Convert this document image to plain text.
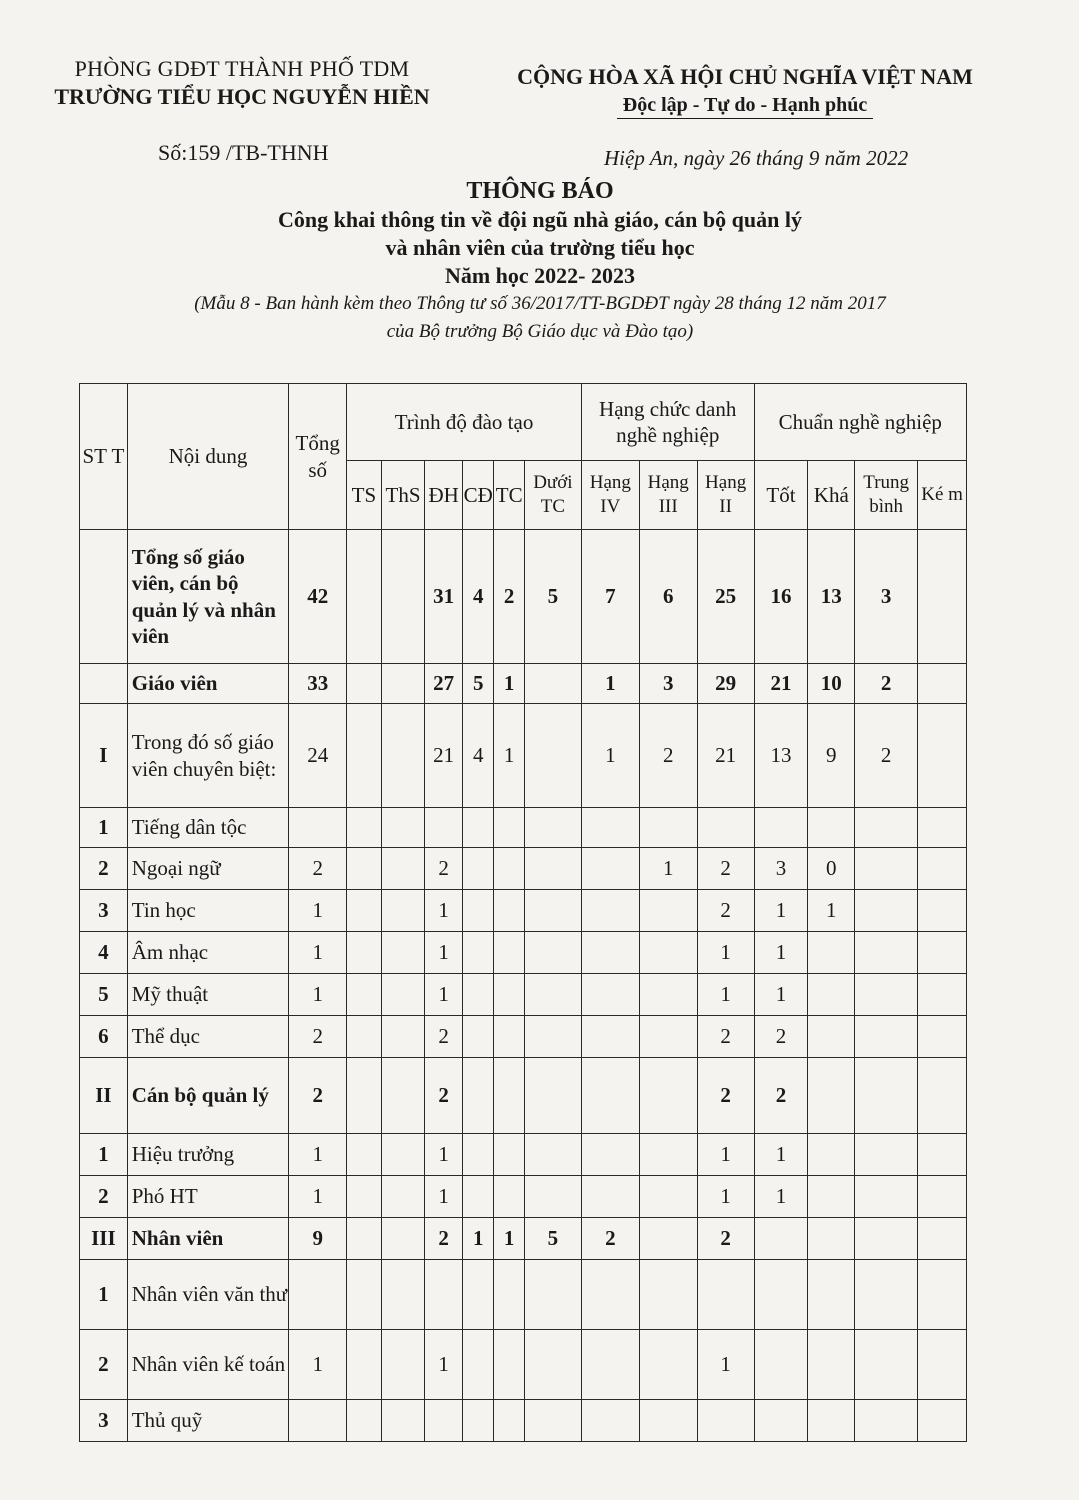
PHÒNG GDĐT THÀNH PHỐ TDM
TRƯỜNG TIỂU HỌC NGUYỄN HIỀN
CỘNG HÒA XÃ HỘI CHỦ NGHĨA VIỆT NAM
Độc lập - Tự do - Hạnh phúc
Số:159 /TB-THNH	Hiệp An, ngày 26 tháng 9 năm 2022
THÔNG BÁO
Công khai thông tin về đội ngũ nhà giáo, cán bộ quản lý
và nhân viên của trường tiểu học
Năm học 2022- 2023
(Mẫu 8 - Ban hành kèm theo Thông tư số 36/2017/TT-BGDĐT ngày 28 tháng 12 năm 2017
của Bộ trưởng Bộ Giáo dục và Đào tạo)
ST T	Nội dung	Tổng số	Trình độ đào tạo						Hạng chức danh nghề nghiệp			Chuẩn nghề nghiệp			
			TS	ThS	ĐH	CĐ	TC	Dưới TC	Hạng IV	Hạng III	Hạng II	Tốt	Khá	Trung bình	Ké m
	Tổng số giáo viên, cán bộ quản lý và nhân viên	42			31	4	2	5	7	6	25	16	13	3	
	Giáo viên	33			27	5	1		1	3	29	21	10	2	
I	Trong đó số giáo viên chuyên biệt:	24			21	4	1		1	2	21	13	9	2	
1	Tiếng dân tộc														
2	Ngoại ngữ	2			2					1	2	3	0		
3	Tin học	1			1						2	1	1		
4	Âm nhạc	1			1						1	1			
5	Mỹ thuật	1			1						1	1			
6	Thể dục	2			2						2	2			
II	Cán bộ quản lý	2			2						2	2			
1	Hiệu trưởng	1			1						1	1			
2	Phó HT	1			1						1	1			
III	Nhân viên	9			2	1	1	5	2		2				
1	Nhân viên văn thư														
2	Nhân viên kế toán	1			1						1				
3	Thủ quỹ														
